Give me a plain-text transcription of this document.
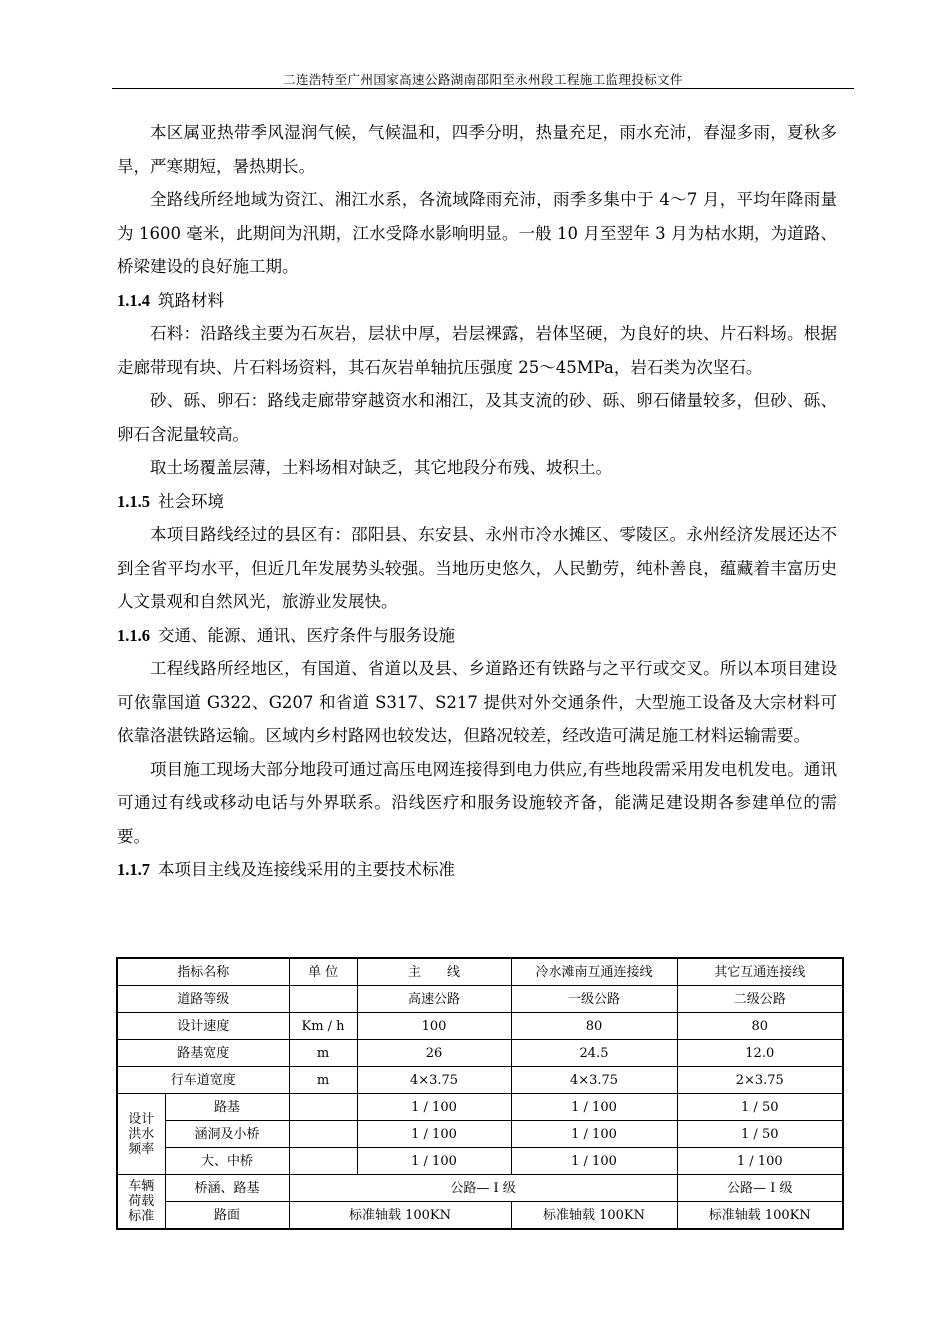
二连浩特至广州国家高速公路湖南邵阳至永州段工程施工监理投标文件

本区属亚热带季风湿润气候，气候温和，四季分明，热量充足，雨水充沛，春湿多雨，夏秋多旱，严寒期短，暑热期长。

全路线所经地域为资江、湘江水系，各流域降雨充沛，雨季多集中于 4～7 月，平均年降雨量为 1600 毫米，此期间为汛期，江水受降水影响明显。一般 10 月至翌年 3 月为枯水期，为道路、桥梁建设的良好施工期。

1.1.4 筑路材料

石料：沿路线主要为石灰岩，层状中厚，岩层裸露，岩体坚硬，为良好的块、片石料场。根据走廊带现有块、片石料场资料，其石灰岩单轴抗压强度 25～45MPa，岩石类为次坚石。

砂、砾、卵石：路线走廊带穿越资水和湘江，及其支流的砂、砾、卵石储量较多，但砂、砾、卵石含泥量较高。

取土场覆盖层薄，土料场相对缺乏，其它地段分布残、坡积土。

1.1.5 社会环境

本项目路线经过的县区有：邵阳县、东安县、永州市冷水摊区、零陵区。永州经济发展还达不到全省平均水平，但近几年发展势头较强。当地历史悠久，人民勤劳，纯朴善良，蕴藏着丰富历史人文景观和自然风光，旅游业发展快。

1.1.6 交通、能源、通讯、医疗条件与服务设施

工程线路所经地区，有国道、省道以及县、乡道路还有铁路与之平行或交叉。所以本项目建设可依靠国道 G322、G207 和省道 S317、S217 提供对外交通条件，大型施工设备及大宗材料可依靠洛湛铁路运输。区域内乡村路网也较发达，但路况较差，经改造可满足施工材料运输需要。

项目施工现场大部分地段可通过高压电网连接得到电力供应,有些地段需采用发电机发电。通讯可通过有线或移动电话与外界联系。沿线医疗和服务设施较齐备，能满足建设期各参建单位的需要。

1.1.7 本项目主线及连接线采用的主要技术标准
指标名称		单 位	主　　线	冷水滩南互通连接线	其它互通连接线
道路等级			高速公路	一级公路	二级公路
设计速度		Km / h	100	80	80
路基宽度		m	26	24.5	12.0
行车道宽度		m	4×3.75	4×3.75	2×3.75

设计洪水频率	路基		1 / 100	1 / 100	1 / 50
	涵洞及小桥		1 / 100	1 / 100	1 / 50
	大、中桥		1 / 100	1 / 100	1 / 100

车辆荷载标准	桥涵、路基	公路— I 级			公路— I 级
	路面	标准轴载 100KN		标准轴载 100KN	标准轴载 100KN
